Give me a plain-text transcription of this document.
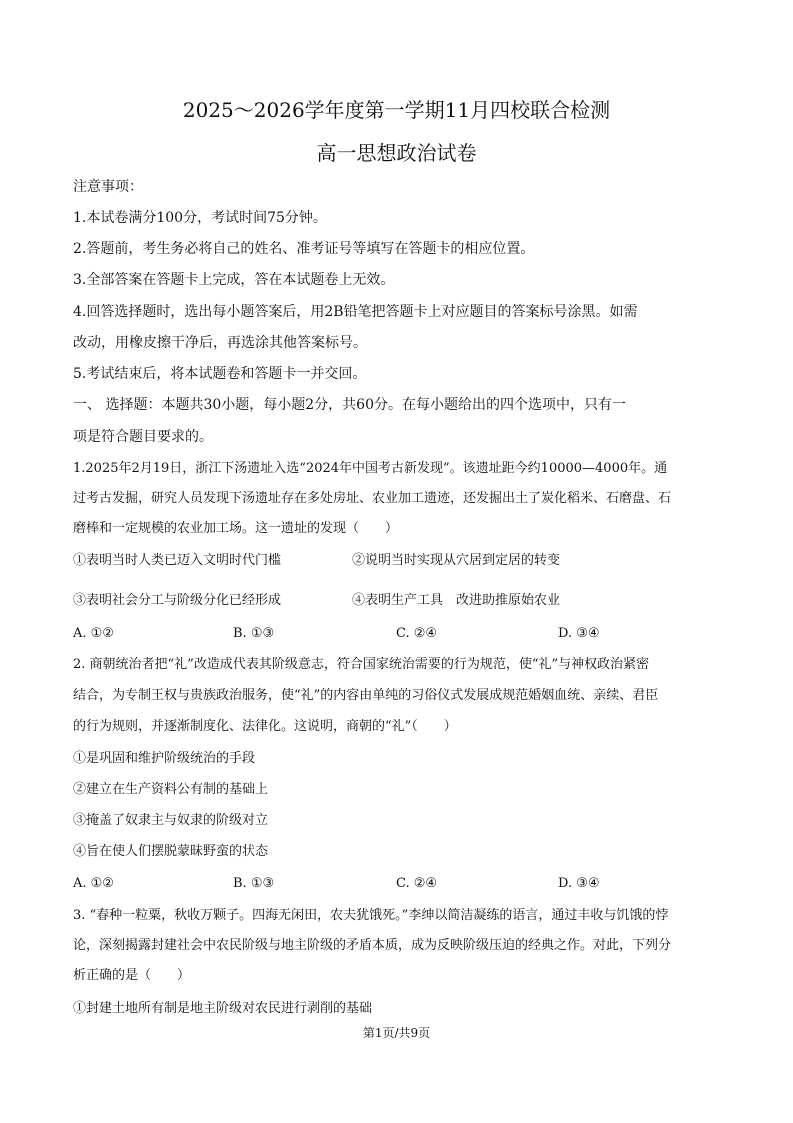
2025～2026学年度第一学期11月四校联合检测
高一思想政治试卷
注意事项：
1.本试卷满分100分，考试时间75分钟。
2.答题前，考生务必将自己的姓名、准考证号等填写在答题卡的相应位置。
3.全部答案在答题卡上完成，答在本试题卷上无效。
4.回答选择题时，选出每小题答案后，用2B铅笔把答题卡上对应题目的答案标号涂黑。如需
改动，用橡皮擦干净后，再选涂其他答案标号。
5.考试结束后，将本试题卷和答题卡一并交回。
一、 选择题：本题共30小题，每小题2分，共60分。在每小题给出的四个选项中，只有一
项是符合题目要求的。
1.2025年2月19日，浙江下汤遗址入选“2024年中国考古新发现”。该遗址距今约10000—4000年。通
过考古发掘，研究人员发现下汤遗址存在多处房址、农业加工遗迹，还发掘出土了炭化稻米、石磨盘、石
磨棒和一定规模的农业加工场。这一遗址的发现（　　）
①表明当时人类已迈入文明时代门槛	②说明当时实现从穴居到定居的转变
③表明社会分工与阶级分化已经形成	④表明生产工具　改进助推原始农业
A. ①②	B. ①③	C. ②④	D. ③④
2. 商朝统治者把“礼”改造成代表其阶级意志，符合国家统治需要的行为规范，使“礼”与神权政治紧密
结合，为专制王权与贵族政治服务，使“礼”的内容由单纯的习俗仪式发展成规范婚姻血统、亲续、君臣
的行为规则，并逐渐制度化、法律化。这说明，商朝的“礼”（　　）
①是巩固和维护阶级统治的手段
②建立在生产资料公有制的基础上
③掩盖了奴隶主与奴隶的阶级对立
④旨在使人们摆脱蒙昧野蛮的状态
A. ①②	B. ①③	C. ②④	D. ③④
3. “春种一粒粟，秋收万颗子。四海无闲田，农夫犹饿死。”李绅以简洁凝练的语言，通过丰收与饥饿的悖
论，深刻揭露封建社会中农民阶级与地主阶级的矛盾本质，成为反映阶级压迫的经典之作。对此，下列分
析正确的是（　　）
①封建土地所有制是地主阶级对农民进行剥削的基础
第1页/共9页
